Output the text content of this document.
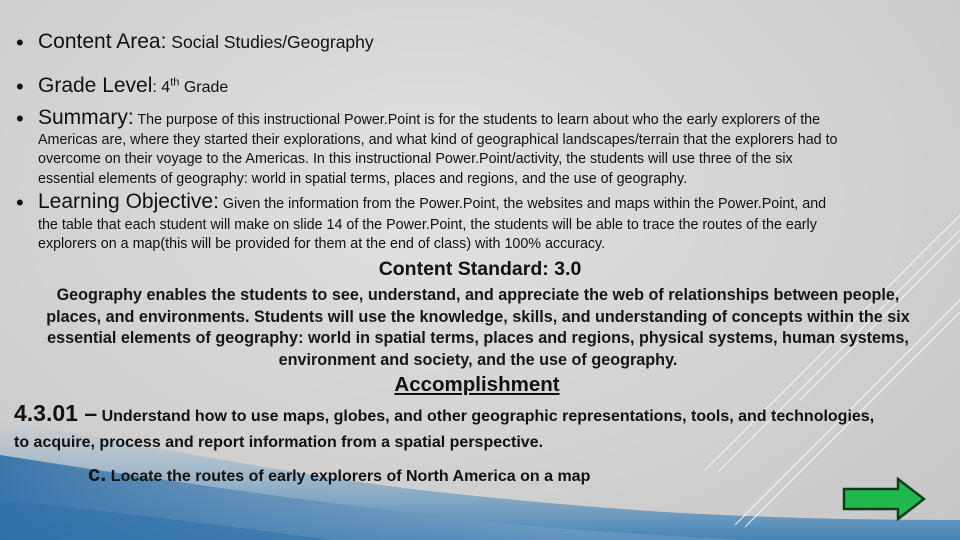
• Content Area: Social Studies/Geography
• Grade Level: 4th Grade
• Summary: The purpose of this instructional Power.Point is for the students to learn about who the early explorers of the
Americas are, where they started their explorations, and what kind of geographical landscapes/terrain that the explorers had to
overcome on their voyage to the Americas. In this instructional Power.Point/activity, the students will use three of the six
essential elements of geography: world in spatial terms, places and regions, and the use of geography.
• Learning Objective: Given the information from the Power.Point, the websites and maps within the Power.Point, and
the table that each student will make on slide 14 of the Power.Point, the students will be able to trace the routes of the early
explorers on a map(this will be provided for them at the end of class) with 100% accuracy.
Content Standard: 3.0
Geography enables the students to see, understand, and appreciate the web of relationships between people,
places, and environments. Students will use the knowledge, skills, and understanding of concepts within the six
essential elements of geography: world in spatial terms, places and regions, physical systems, human systems,
environment and society, and the use of geography.
Accomplishment
4.3.01 – Understand how to use maps, globes, and other geographic representations, tools, and technologies,
to acquire, process and report information from a spatial perspective.
c. Locate the routes of early explorers of North America on a map
